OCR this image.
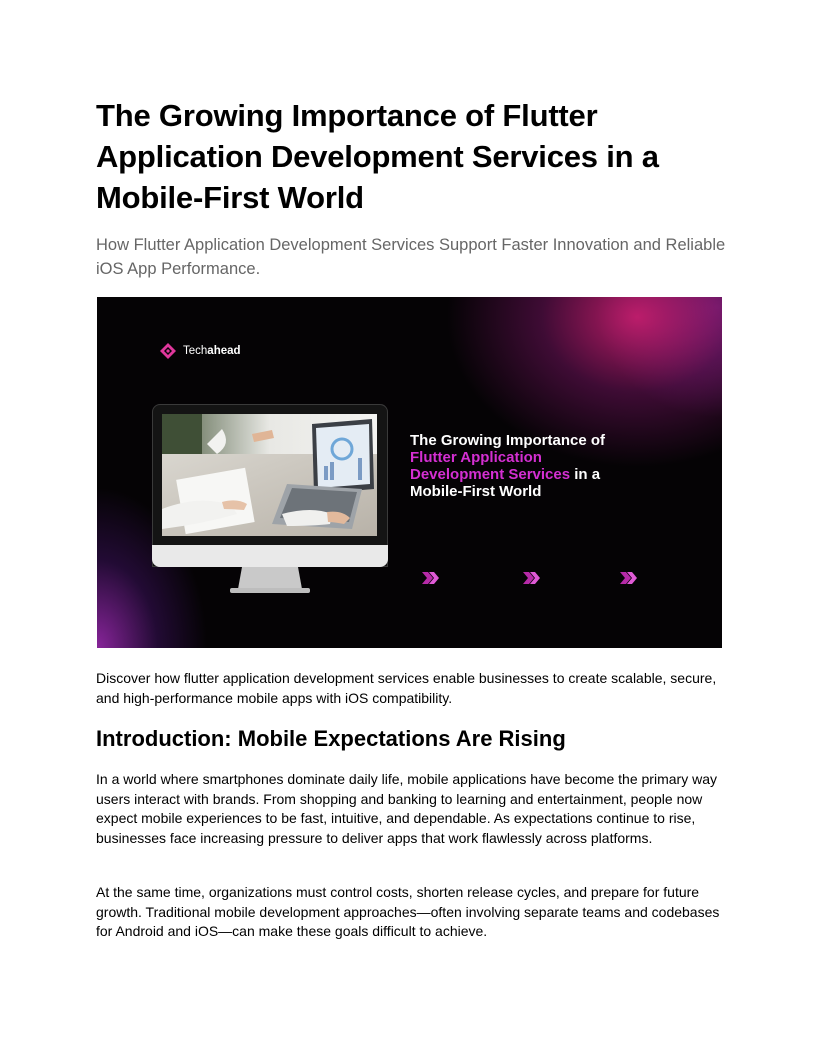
The Growing Importance of Flutter Application Development Services in a Mobile-First World

How Flutter Application Development Services Support Faster Innovation and Reliable iOS App Performance.

Techahead
The Growing Importance of
Flutter Application
Development Services in a
Mobile-First World

Discover how flutter application development services enable businesses to create scalable, secure, and high-performance mobile apps with iOS compatibility.

Introduction: Mobile Expectations Are Rising

In a world where smartphones dominate daily life, mobile applications have become the primary way users interact with brands. From shopping and banking to learning and entertainment, people now expect mobile experiences to be fast, intuitive, and dependable. As expectations continue to rise, businesses face increasing pressure to deliver apps that work flawlessly across platforms.

At the same time, organizations must control costs, shorten release cycles, and prepare for future growth. Traditional mobile development approaches—often involving separate teams and codebases for Android and iOS—can make these goals difficult to achieve.
